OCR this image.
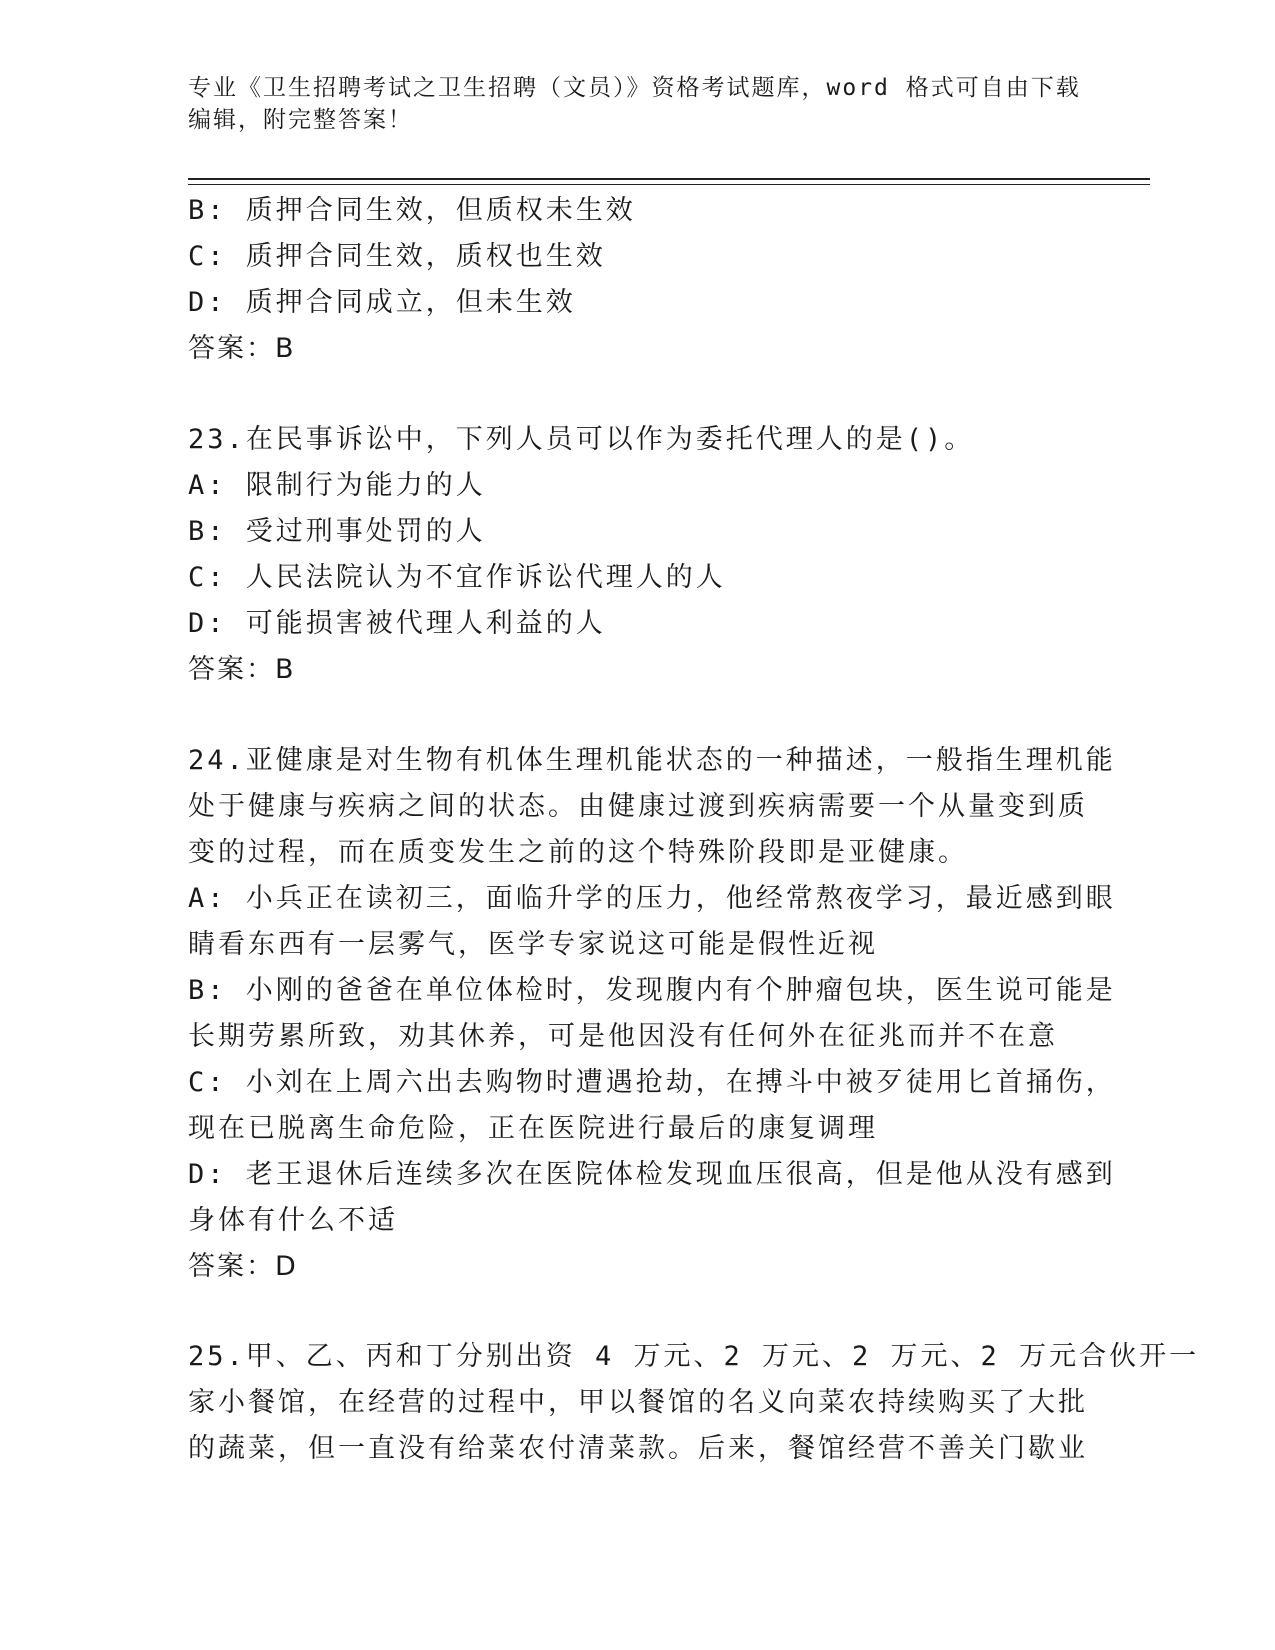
专业《卫生招聘考试之卫生招聘（文员）》资格考试题库，word 格式可自由下载
编辑，附完整答案！
B: 质押合同生效，但质权未生效
C: 质押合同生效，质权也生效
D: 质押合同成立，但未生效
答案：B
23.在民事诉讼中，下列人员可以作为委托代理人的是()。
A: 限制行为能力的人
B: 受过刑事处罚的人
C: 人民法院认为不宜作诉讼代理人的人
D: 可能损害被代理人利益的人
答案：B
24.亚健康是对生物有机体生理机能状态的一种描述，一般指生理机能
处于健康与疾病之间的状态。由健康过渡到疾病需要一个从量变到质
变的过程，而在质变发生之前的这个特殊阶段即是亚健康。
A: 小兵正在读初三，面临升学的压力，他经常熬夜学习，最近感到眼
睛看东西有一层雾气，医学专家说这可能是假性近视
B: 小刚的爸爸在单位体检时，发现腹内有个肿瘤包块，医生说可能是
长期劳累所致，劝其休养，可是他因没有任何外在征兆而并不在意
C: 小刘在上周六出去购物时遭遇抢劫，在搏斗中被歹徒用匕首捅伤，
现在已脱离生命危险，正在医院进行最后的康复调理
D: 老王退休后连续多次在医院体检发现血压很高，但是他从没有感到
身体有什么不适
答案：D
25.甲、乙、丙和丁分别出资 4 万元、2 万元、2 万元、2 万元合伙开一
家小餐馆，在经营的过程中，甲以餐馆的名义向菜农持续购买了大批
的蔬菜，但一直没有给菜农付清菜款。后来，餐馆经营不善关门歇业
